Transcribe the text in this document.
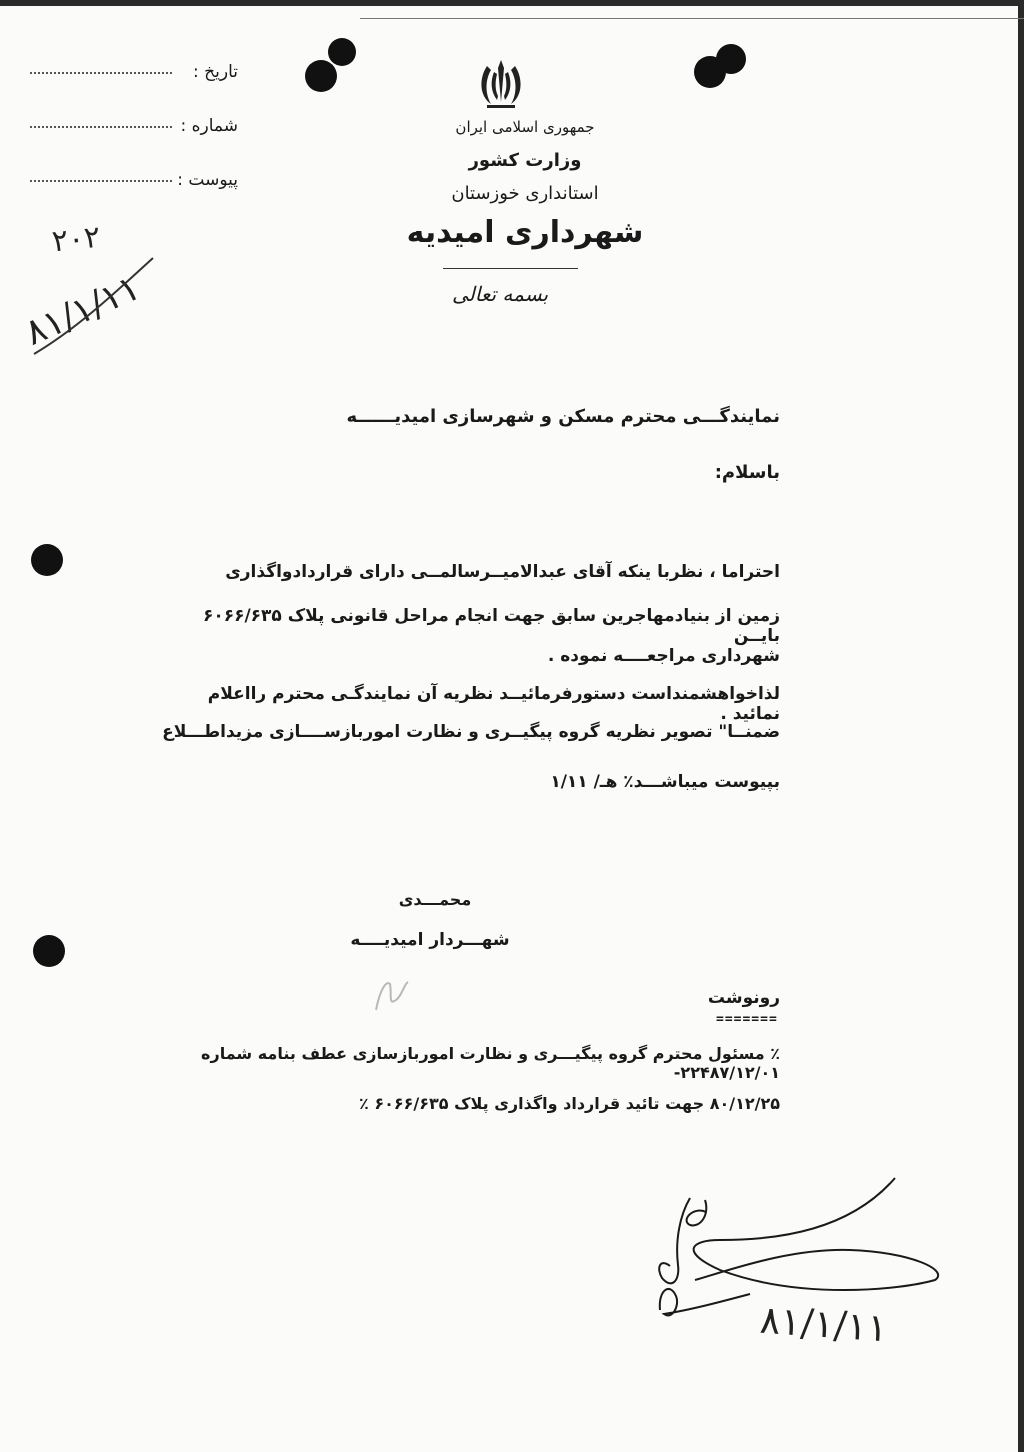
تاریخ :
شماره :
پیوست :
جمهوری اسلامی ایران
وزارت کشور
استانداری خوزستان
شهرداری امیدیه
بسمه تعالی
۲۰۲
۸۱/۱/۱۱
نمایندگـــی محترم مسکن و شهرسازی امیدیــــــه
باسلام:
احتراما ، نظربا ینکه آقای عبدالامیــرسالمــی دارای قراردادواگذاری
زمین از بنیادمهاجرین سابق جهت انجام مراحل قانونی پلاک ۶۰۶۶/۶۳۵ بایــن
شهرداری مراجعــــه نموده .
لذاخواهشمنداست دستورفرمائیــد نظریه آن نمایندگـی محترم رااعلام نمائید .
ضمنــا" تصویر نظریه گروه پیگیــری و نظارت اموربازســــازی مزیداطـــلاع
بپیوست میباشـــد٪ هـ/ ۱/۱۱
محمـــدی
شهـــردار امیدیــــه
رونوشت
=======
٪ مسئول محترم گروه پیگیـــری و نظارت اموربازسازی عطف بنامه شماره ۲۲۴۸۷/۱۲/۰۱-
۸۰/۱۲/۲۵ جهت تائید قرارداد واگذاری پلاک ۶۰۶۶/۶۳۵ ٪
۸۱/۱/۱۱
